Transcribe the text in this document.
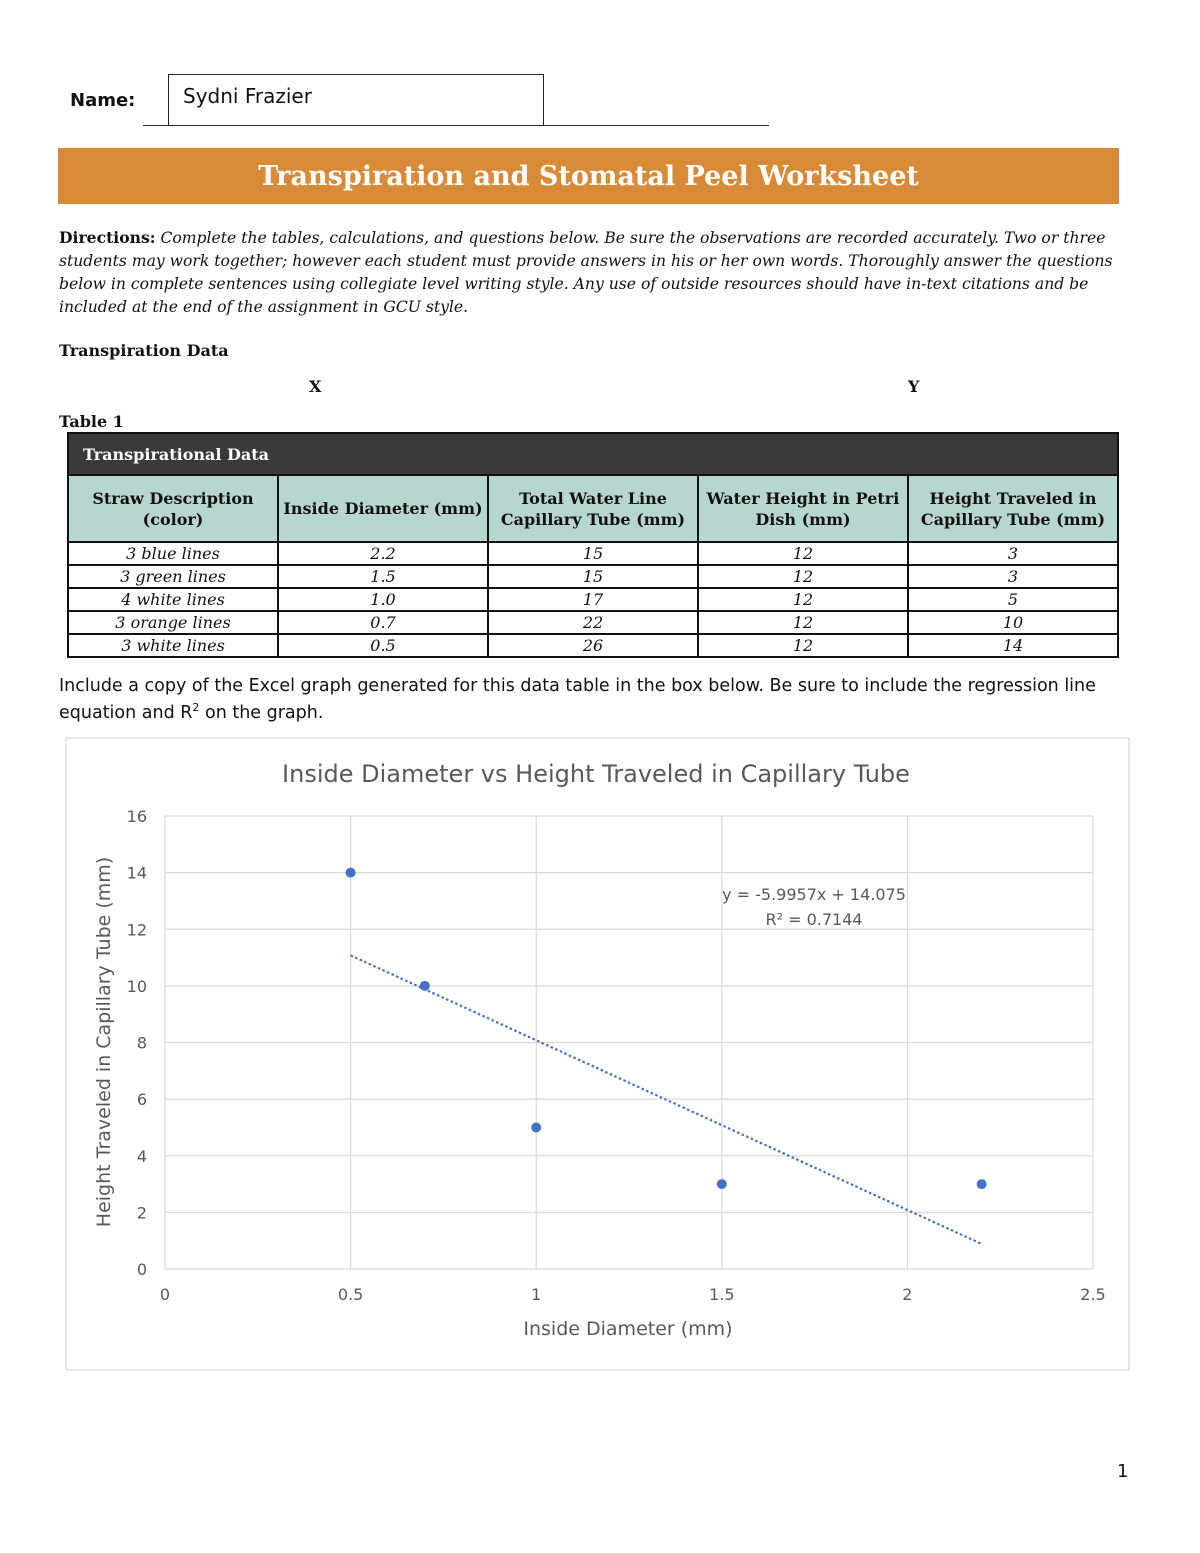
Name: Sydni Frazier
Transpiration and Stomatal Peel Worksheet
Directions: Complete the tables, calculations, and questions below. Be sure the observations are recorded accurately. Two or three students may work together; however each student must provide answers in his or her own words. Thoroughly answer the questions below in complete sentences using collegiate level writing style. Any use of outside resources should have in-text citations and be included at the end of the assignment in GCU style.
Transpiration Data
X	Y
Table 1
Transpirational Data				
Straw Description (color)	Inside Diameter (mm)	Total Water Line Capillary Tube (mm)	Water Height in Petri Dish (mm)	Height Traveled in Capillary Tube (mm)
3 blue lines	2.2	15	12	3
3 green lines	1.5	15	12	3
4 white lines	1.0	17	12	5
3 orange lines	0.7	22	12	10
3 white lines	0.5	26	12	14
Include a copy of the Excel graph generated for this data table in the box below. Be sure to include the regression line equation and $R^2$ on the graph.
0	0.5	1	1.5	2	2.5
0
2
4
6
8
10
12
14
16
Inside Diameter vs Height Traveled in Capillary Tube
Inside Diameter (mm)
Height Traveled in Capillary Tube (mm)	y = -5.9957x + 14.075
R² = 0.7144
1
